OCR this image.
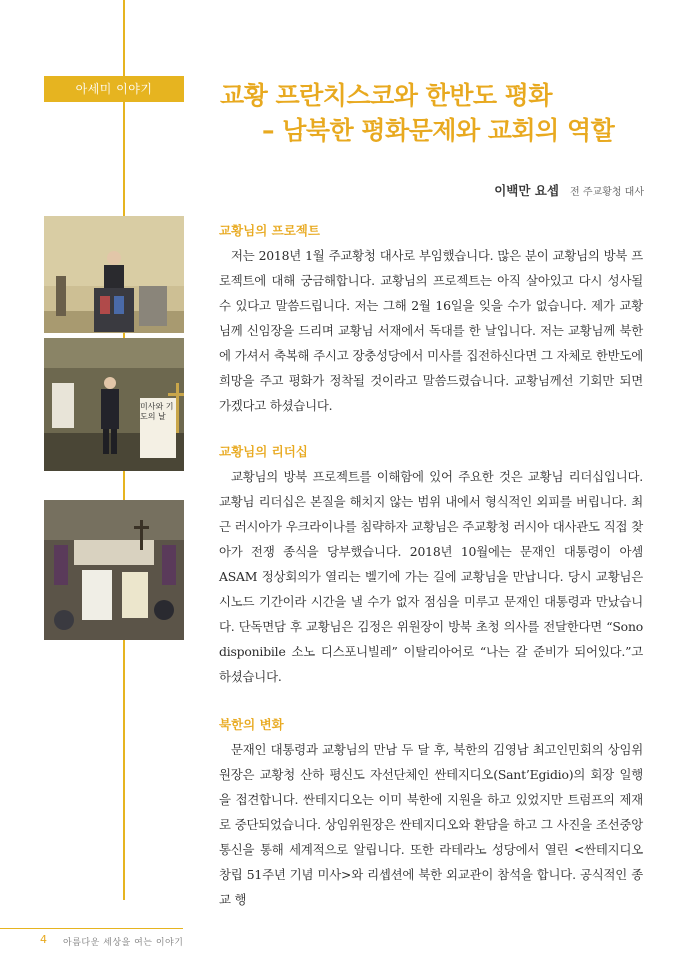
아세미 이야기	교황 프란치스코와 한반도 평화
– 남북한 평화문제와 교회의 역할
이백만 요셉 전 주교황청 대사
미사와 기도의 날
교황님의 프로젝트

저는 2018년 1월 주교황청 대사로 부임했습니다. 많은 분이 교황님의 방북 프로젝트에 대해 궁금해합니다. 교황님의 프로젝트는 아직 살아있고 다시 성사될 수 있다고 말씀드립니다. 저는 그해 2월 16일을 잊을 수가 없습니다. 제가 교황님께 신임장을 드리며 교황님 서재에서 독대를 한 날입니다. 저는 교황님께 북한에 가셔서 축복해 주시고 장충성당에서 미사를 집전하신다면 그 자체로 한반도에 희망을 주고 평화가 정착될 것이라고 말씀드렸습니다. 교황님께선 기회만 되면 가겠다고 하셨습니다.

교황님의 리더십

교황님의 방북 프로젝트를 이해함에 있어 주요한 것은 교황님 리더십입니다. 교황님 리더십은 본질을 해치지 않는 범위 내에서 형식적인 외피를 버립니다. 최근 러시아가 우크라이나를 침략하자 교황님은 주교황청 러시아 대사관도 직접 찾아가 전쟁 종식을 당부했습니다. 2018년 10월에는 문재인 대통령이 아셈 ASAM 정상회의가 열리는 벨기에 가는 길에 교황님을 만납니다. 당시 교황님은 시노드 기간이라 시간을 낼 수가 없자 점심을 미루고 문재인 대통령과 만났습니다. 단독면담 후 교황님은 김정은 위원장이 방북 초청 의사를 전달한다면 “Sono disponibile 소노 디스포니빌레” 이탈리아어로 “나는 갈 준비가 되어있다.”고 하셨습니다.

북한의 변화

문재인 대통령과 교황님의 만남 두 달 후, 북한의 김영남 최고인민회의 상임위원장은 교황청 산하 평신도 자선단체인 싼테지디오(Sant’Egidio)의 회장 일행을 접견합니다. 싼테지디오는 이미 북한에 지원을 하고 있었지만 트럼프의 제재로 중단되었습니다. 상임위원장은 싼테지디오와 환담을 하고 그 사진을 조선중앙통신을 통해 세계적으로 알립니다. 또한 라테라노 성당에서 열린 <싼테지디오 창립 51주년 기념 미사>와 리셉션에 북한 외교관이 참석을 합니다. 공식적인 종교 행

4 아름다운 세상을 여는 이야기
